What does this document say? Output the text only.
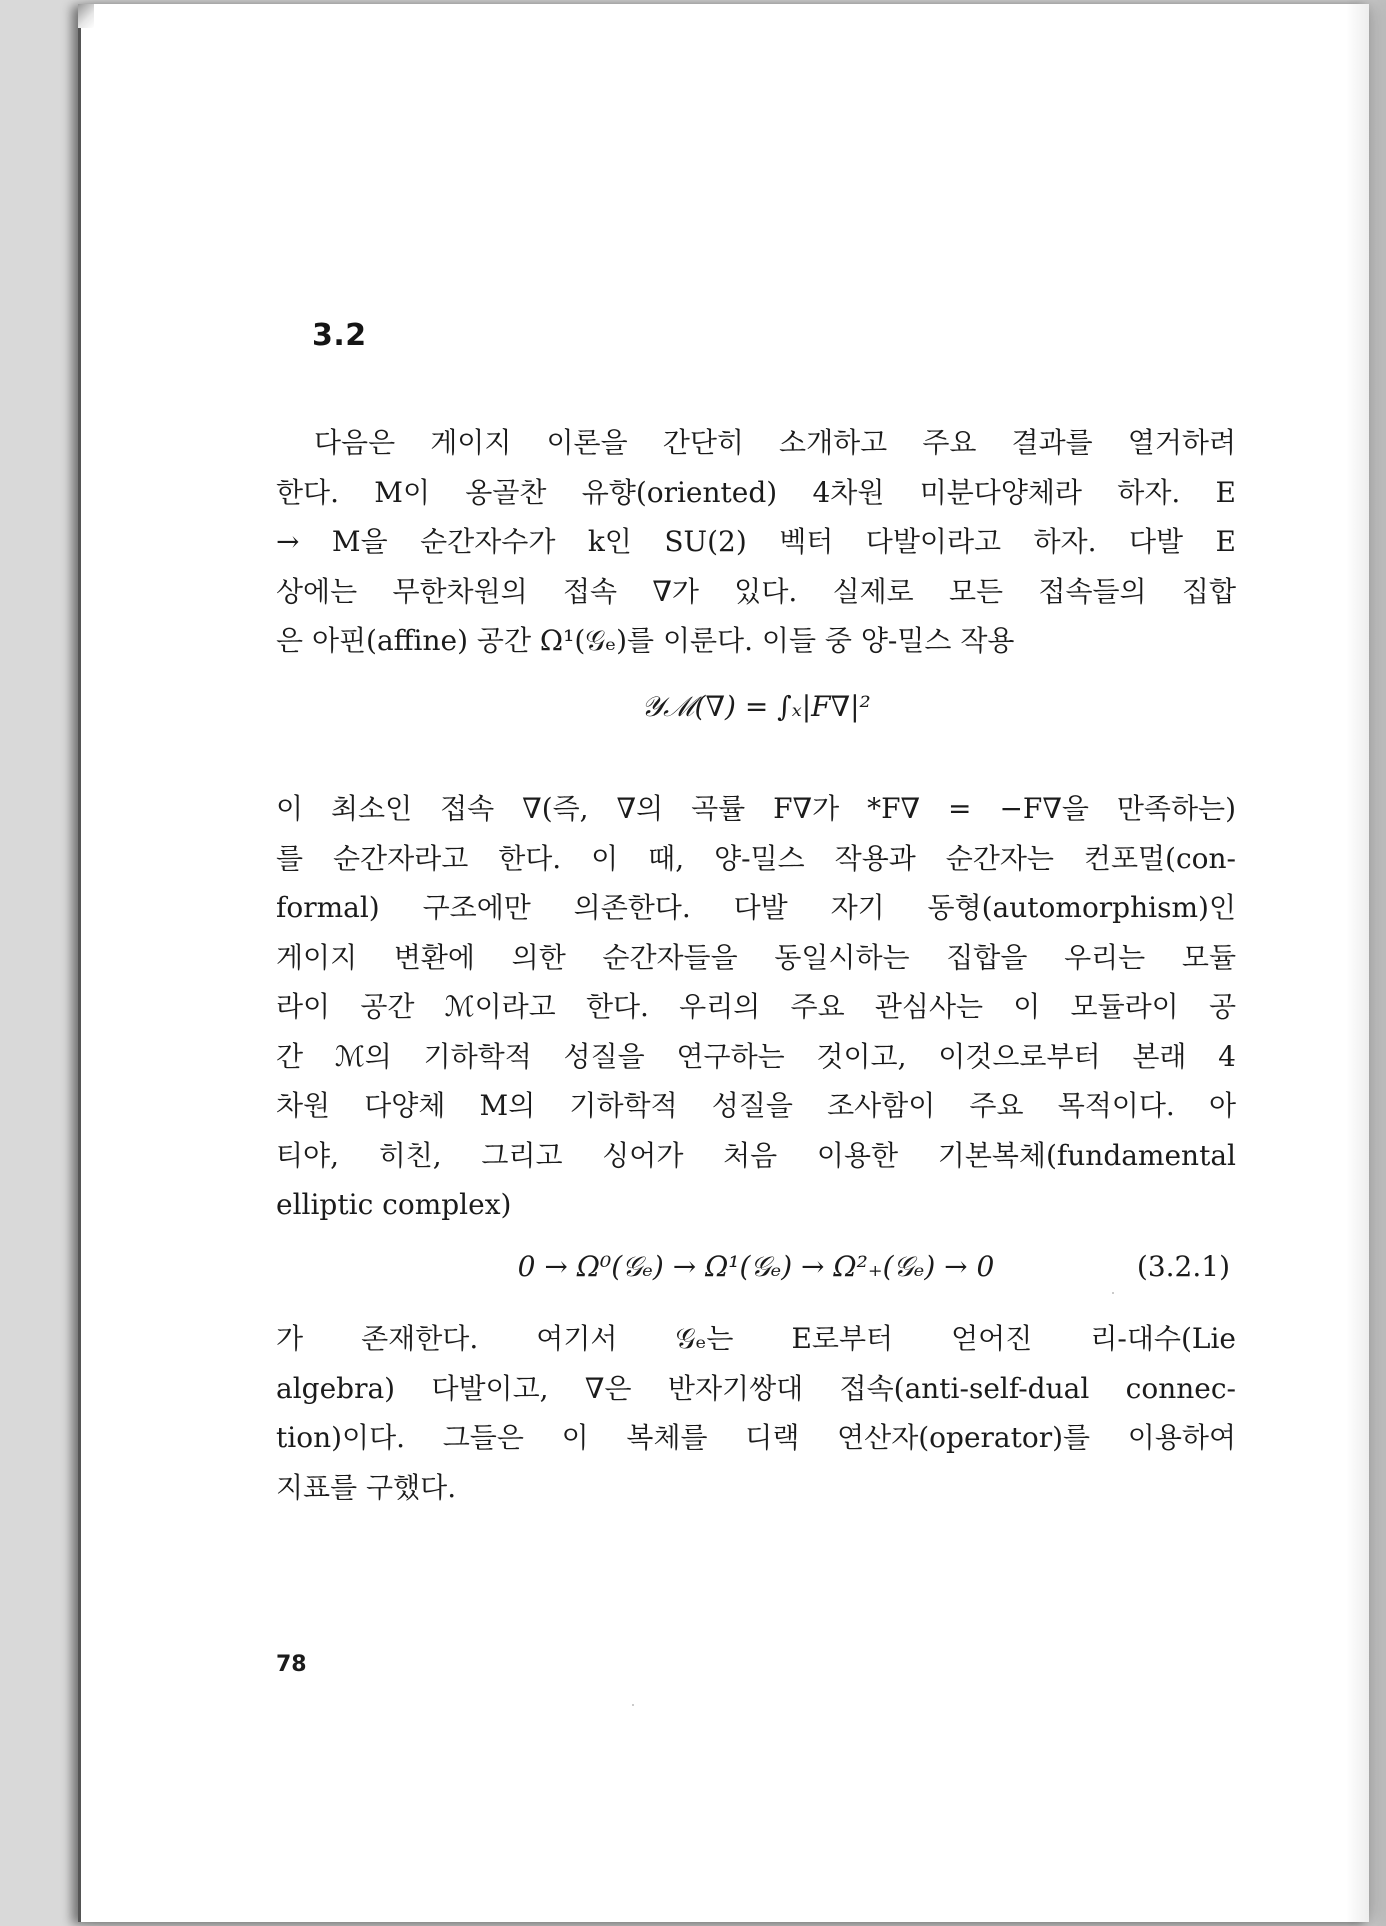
3.2
다음은 게이지 이론을 간단히 소개하고 주요 결과를 열거하려
한다. M이 옹골찬 유향(oriented) 4차원 미분다양체라 하자. E
→ M을 순간자수가 k인 SU(2) 벡터 다발이라고 하자. 다발 E
상에는 무한차원의 접속 ∇가 있다. 실제로 모든 접속들의 집합
은 아핀(affine) 공간 Ω¹(𝒢ₑ)를 이룬다. 이들 중 양-밀스 작용
𝒴ℳ(∇) = ∫ₓ|F∇|²
이 최소인 접속 ∇(즉, ∇의 곡률 F∇가 *F∇ = −F∇을 만족하는)
를 순간자라고 한다. 이 때, 양-밀스 작용과 순간자는 컨포멀(con-
formal) 구조에만 의존한다. 다발 자기 동형(automorphism)인
게이지 변환에 의한 순간자들을 동일시하는 집합을 우리는 모듈
라이 공간 ℳ이라고 한다. 우리의 주요 관심사는 이 모듈라이 공
간 ℳ의 기하학적 성질을 연구하는 것이고, 이것으로부터 본래 4
차원 다양체 M의 기하학적 성질을 조사함이 주요 목적이다. 아
티야, 히친, 그리고 싱어가 처음 이용한 기본복체(fundamental
elliptic complex)
0 → Ω⁰(𝒢ₑ) → Ω¹(𝒢ₑ) → Ω²₊(𝒢ₑ) → 0	(3.2.1)
가 존재한다. 여기서 𝒢ₑ는 E로부터 얻어진 리-대수(Lie
algebra) 다발이고, ∇은 반자기쌍대 접속(anti-self-dual connec-
tion)이다. 그들은 이 복체를 디랙 연산자(operator)를 이용하여
지표를 구했다.
78
